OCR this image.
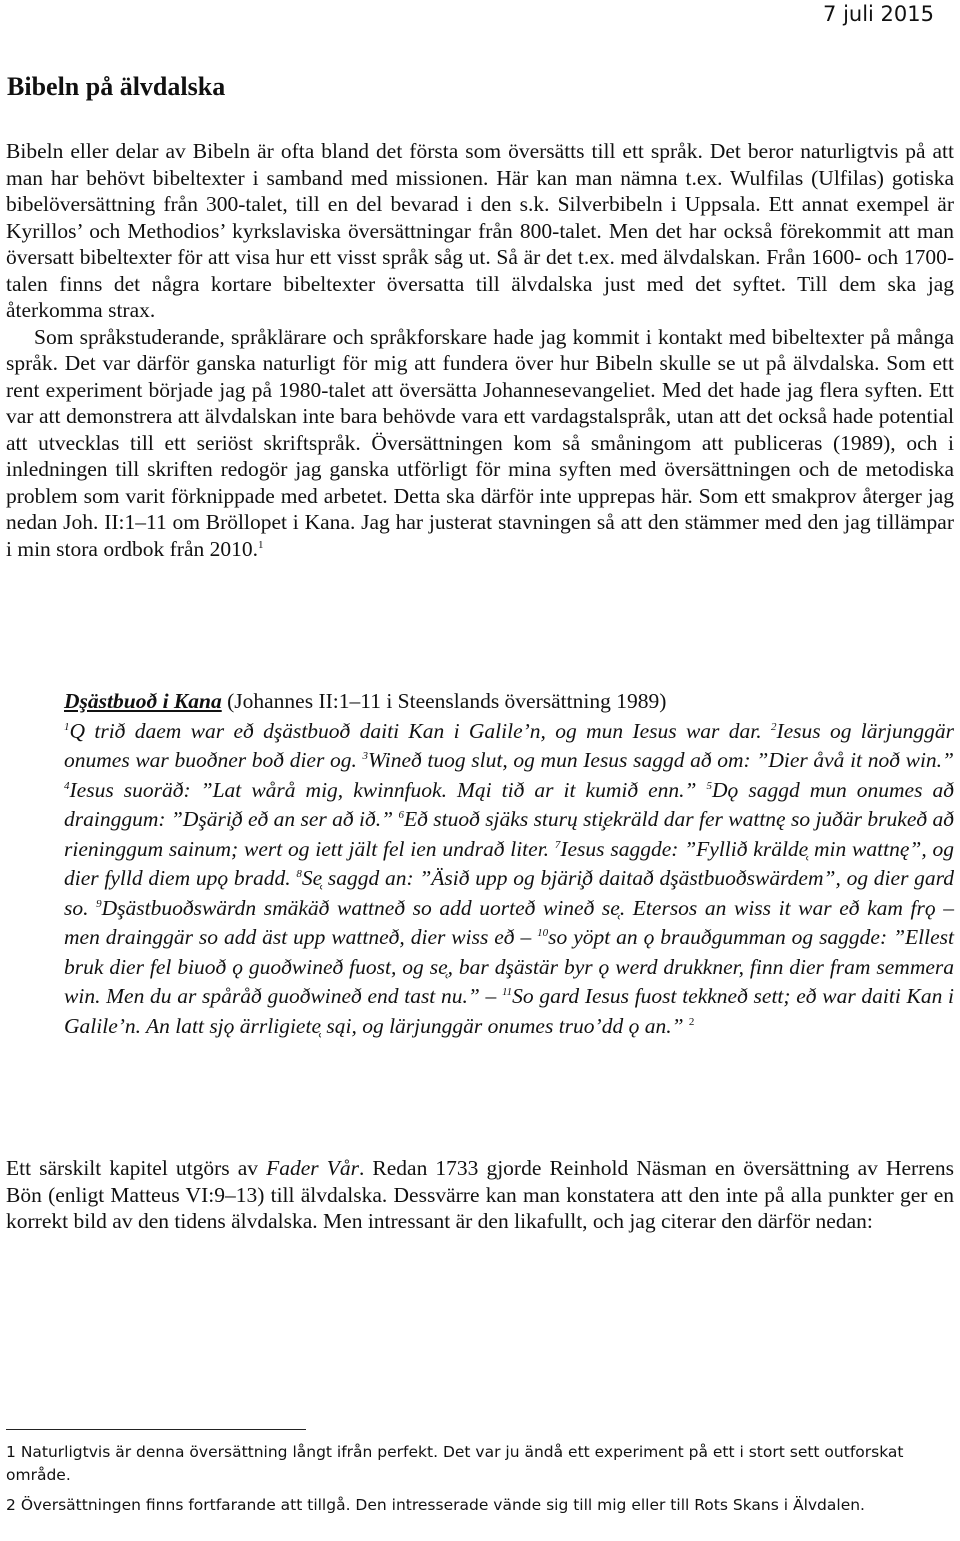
7 juli 2015
Bibeln på älvdalska

Bibeln eller delar av Bibeln är ofta bland det första som översätts till ett språk. Det beror naturligtvis på att man har behövt bibeltexter i samband med missionen. Här kan man nämna t.ex. Wulfilas (Ulfilas) gotiska bibelöversättning från 300-talet, till en del bevarad i den s.k. Silverbibeln i Uppsala. Ett annat exempel är Kyrillos’ och Methodios’ kyrkslaviska översättningar från 800-talet. Men det har också förekommit att man översatt bibeltexter för att visa hur ett visst språk såg ut. Så är det t.ex. med älvdalskan. Från 1600- och 1700-talen finns det några kortare bibeltexter översatta till älvdalska just med det syftet. Till dem ska jag återkomma strax.

Som språkstuderande, språklärare och språkforskare hade jag kommit i kontakt med bibeltexter på många språk. Det var därför ganska naturligt för mig att fundera över hur Bibeln skulle se ut på älvdalska. Som ett rent experiment började jag på 1980-talet att översätta Johannesevangeliet. Med det hade jag flera syften. Ett var att demonstrera att älvdalskan inte bara behövde vara ett vardagstalspråk, utan att det också hade potential att utvecklas till ett seriöst skriftspråk. Översättningen kom så småningom att publiceras (1989), och i inledningen till skriften redogör jag ganska utförligt för mina syften med översättningen och de metodiska problem som varit förknippade med arbetet. Detta ska därför inte upprepas här. Som ett smakprov återger jag nedan Joh. II:1–11 om Bröllopet i Kana. Jag har justerat stavningen så att den stämmer med den jag tillämpar i min stora ordbok från 2010.$^1$

Dşästbuoð i Kana (Johannes II:1–11 i Steenslands översättning 1989)
$^1$Q trið daem war eð dşästbuoð daiti Kan i Galile’n, og mun Iesus war dar. $^2$Iesus og lärjunggär onumes war buoðner boð dier og. $^3$Wineð tuog slut, og mun Iesus saggd að om: ”Dier åvå it noð win.” $^4$Iesus suoräð: ”Lat wårå mig, kwinnfuok. Mąi tið ar it kumið enn.” $^5$Dǫ saggd mun onumes að drainggum: ”Dşäri̧ð eð an ser að ið.” $^6$Eð stuoð sjäks sturų sti̧ekräld dar fer wattnę so juðär brukeð að rieninggum sainum; wert og iett jält fel ien undrað liter. $^7$Iesus saggde: ”Fyllið krälde̜ min wattnę”, og dier fylld diem upǫ bradd. $^8$Se̜ saggd an: ”Äsið upp og bjäri̧ð daitað dşästbuoðswärdem”, og dier gard so. $^9$Dşästbuoðswärdn smäkäð wattneð so add uorteð wineð se̜. Etersos an wiss it war eð kam frǫ – men drainggär so add äst upp wattneð, dier wiss eð – $^{10}$so yöpt an ǫ brauðgumman og saggde: ”Ellest bruk dier fel biuoð ǫ guoðwineð fuost, og se̜, bar dşästär byr ǫ werd drukkner, finn dier fram semmera win. Men du ar spåråð guoðwineð end tast nu.” – $^{11}$So gard Iesus fuost tekkneð sett; eð war daiti Kan i Galile’n. An latt sjǫ ärrligiete̜ sąi, og lärjunggär onumes truo’dd ǫ an.” $^2$

Ett särskilt kapitel utgörs av Fader Vår. Redan 1733 gjorde Reinhold Näsman en översättning av Herrens Bön (enligt Matteus VI:9–13) till älvdalska. Dessvärre kan man konstatera att den inte på alla punkter ger en korrekt bild av den tidens älvdalska. Men intressant är den likafullt, och jag citerar den därför nedan:

1 Naturligtvis är denna översättning långt ifrån perfekt. Det var ju ändå ett experiment på ett i stort sett outforskat område.

2 Översättningen finns fortfarande att tillgå. Den intresserade vände sig till mig eller till Rots Skans i Älvdalen.
